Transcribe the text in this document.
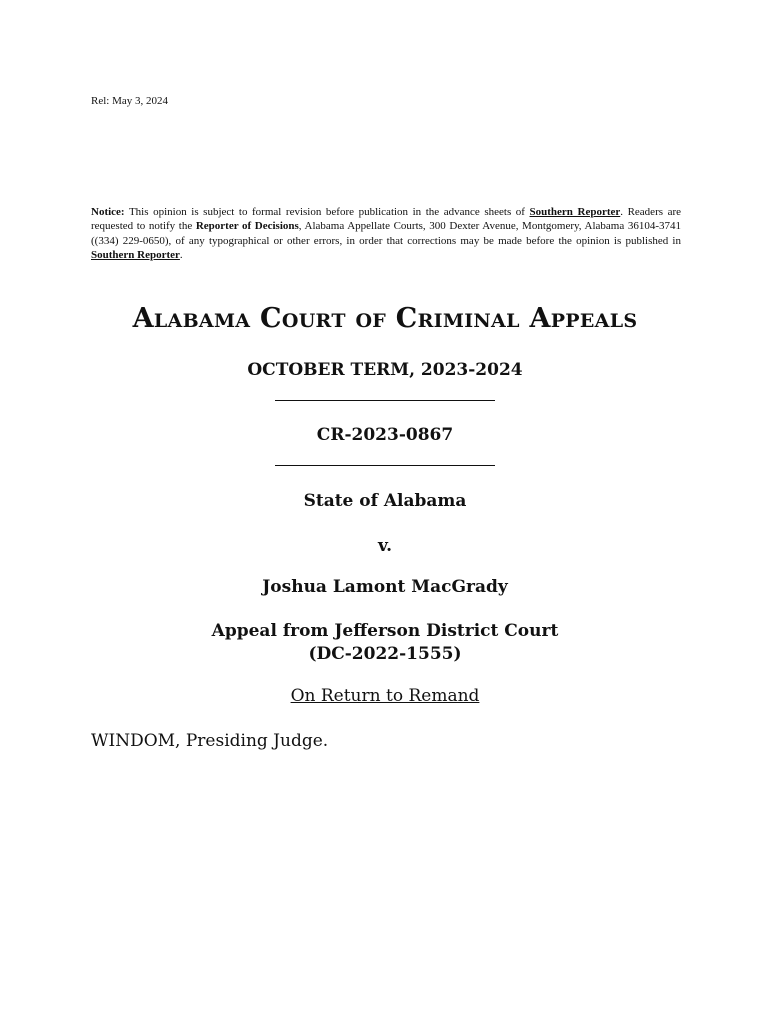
Rel: May 3, 2024
Notice: This opinion is subject to formal revision before publication in the advance sheets of Southern Reporter. Readers are requested to notify the Reporter of Decisions, Alabama Appellate Courts, 300 Dexter Avenue, Montgomery, Alabama 36104-3741 ((334) 229-0650), of any typographical or other errors, in order that corrections may be made before the opinion is published in Southern Reporter.
Alabama Court of Criminal Appeals
OCTOBER TERM, 2023-2024
CR-2023-0867
State of Alabama
v.
Joshua Lamont MacGrady
Appeal from Jefferson District Court
(DC-2022-1555)
On Return to Remand
WINDOM, Presiding Judge.
